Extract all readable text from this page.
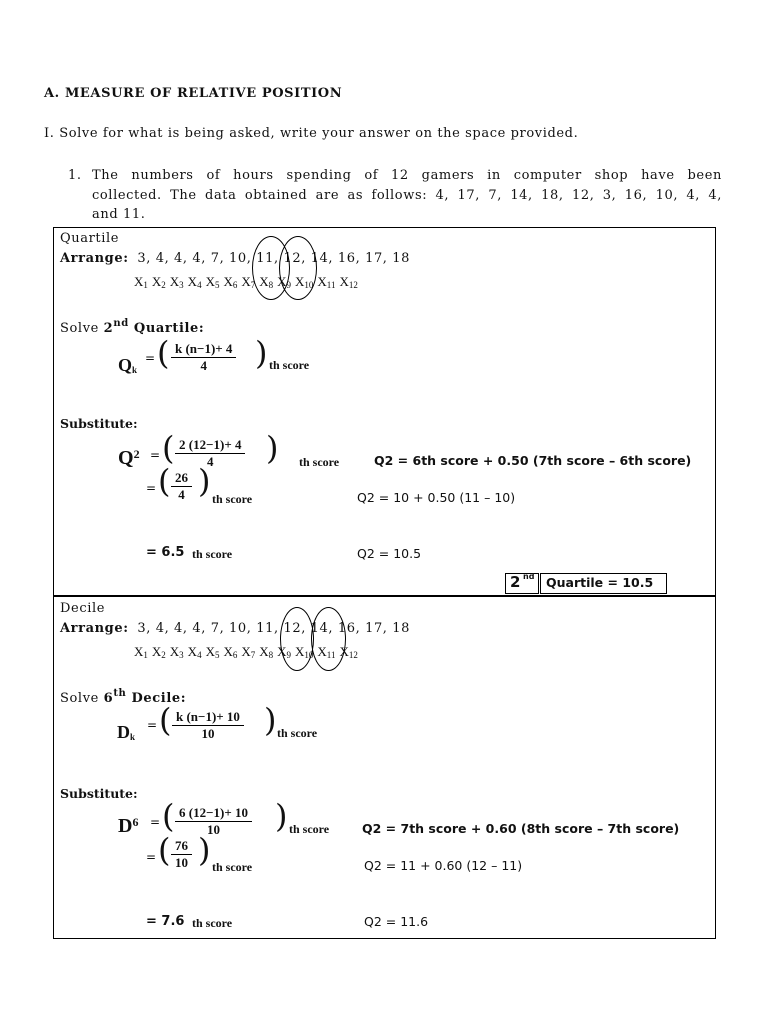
A. MEASURE OF RELATIVE POSITION
I. Solve for what is being asked, write your answer on the space provided.
1. The numbers of hours spending of 12 gamers in computer shop have been
collected. The data obtained are as follows: 4, 17, 7, 14, 18, 12, 3, 16, 10, 4, 4,
and 11.
Quartile
Arrange: 3, 4, 4, 4, 7, 10, 11, 12, 14, 16, 17, 18
$X_1$ $X_2$ $X_3$ $X_4$ $X_5$ $X_6$ $X_7$ $X_8$ $X_9$ $X_{10}$ $X_{11}$ $X_{12}$
Solve 2nd Quartile:
$Q_k$
= ( $\frac{k (n-1)+ 4}{4}$ ) th score
Substitute:
$Q^2$ = ( $\frac{2 (12-1)+ 4}{4}$ ) th score	Q2 = 6th score + 0.50 (7th score – 6th score)
= ( $\frac{26}{4}$ ) th score	Q2 = 10 + 0.50 (11 – 10)
= 6.5 th score	Q2 = 10.5
2 nd Quartile = 10.5
Decile
Arrange: 3, 4, 4, 4, 7, 10, 11, 12, 14, 16, 17, 18
$X_1$ $X_2$ $X_3$ $X_4$ $X_5$ $X_6$ $X_7$ $X_8$ $X_9$ $X_{10}$ $X_{11}$ $X_{12}$
Solve 6th Decile:
$D_k$
= ( $\frac{k (n-1)+ 10}{10}$ ) th score
Substitute:
$D^6$ = ( $\frac{6 (12-1)+ 10}{10}$ ) th score	Q2 = 7th score + 0.60 (8th score – 7th score)
= ( $\frac{76}{10}$ ) th score	Q2 = 11 + 0.60 (12 – 11)
= 7.6 th score	Q2 = 11.6
